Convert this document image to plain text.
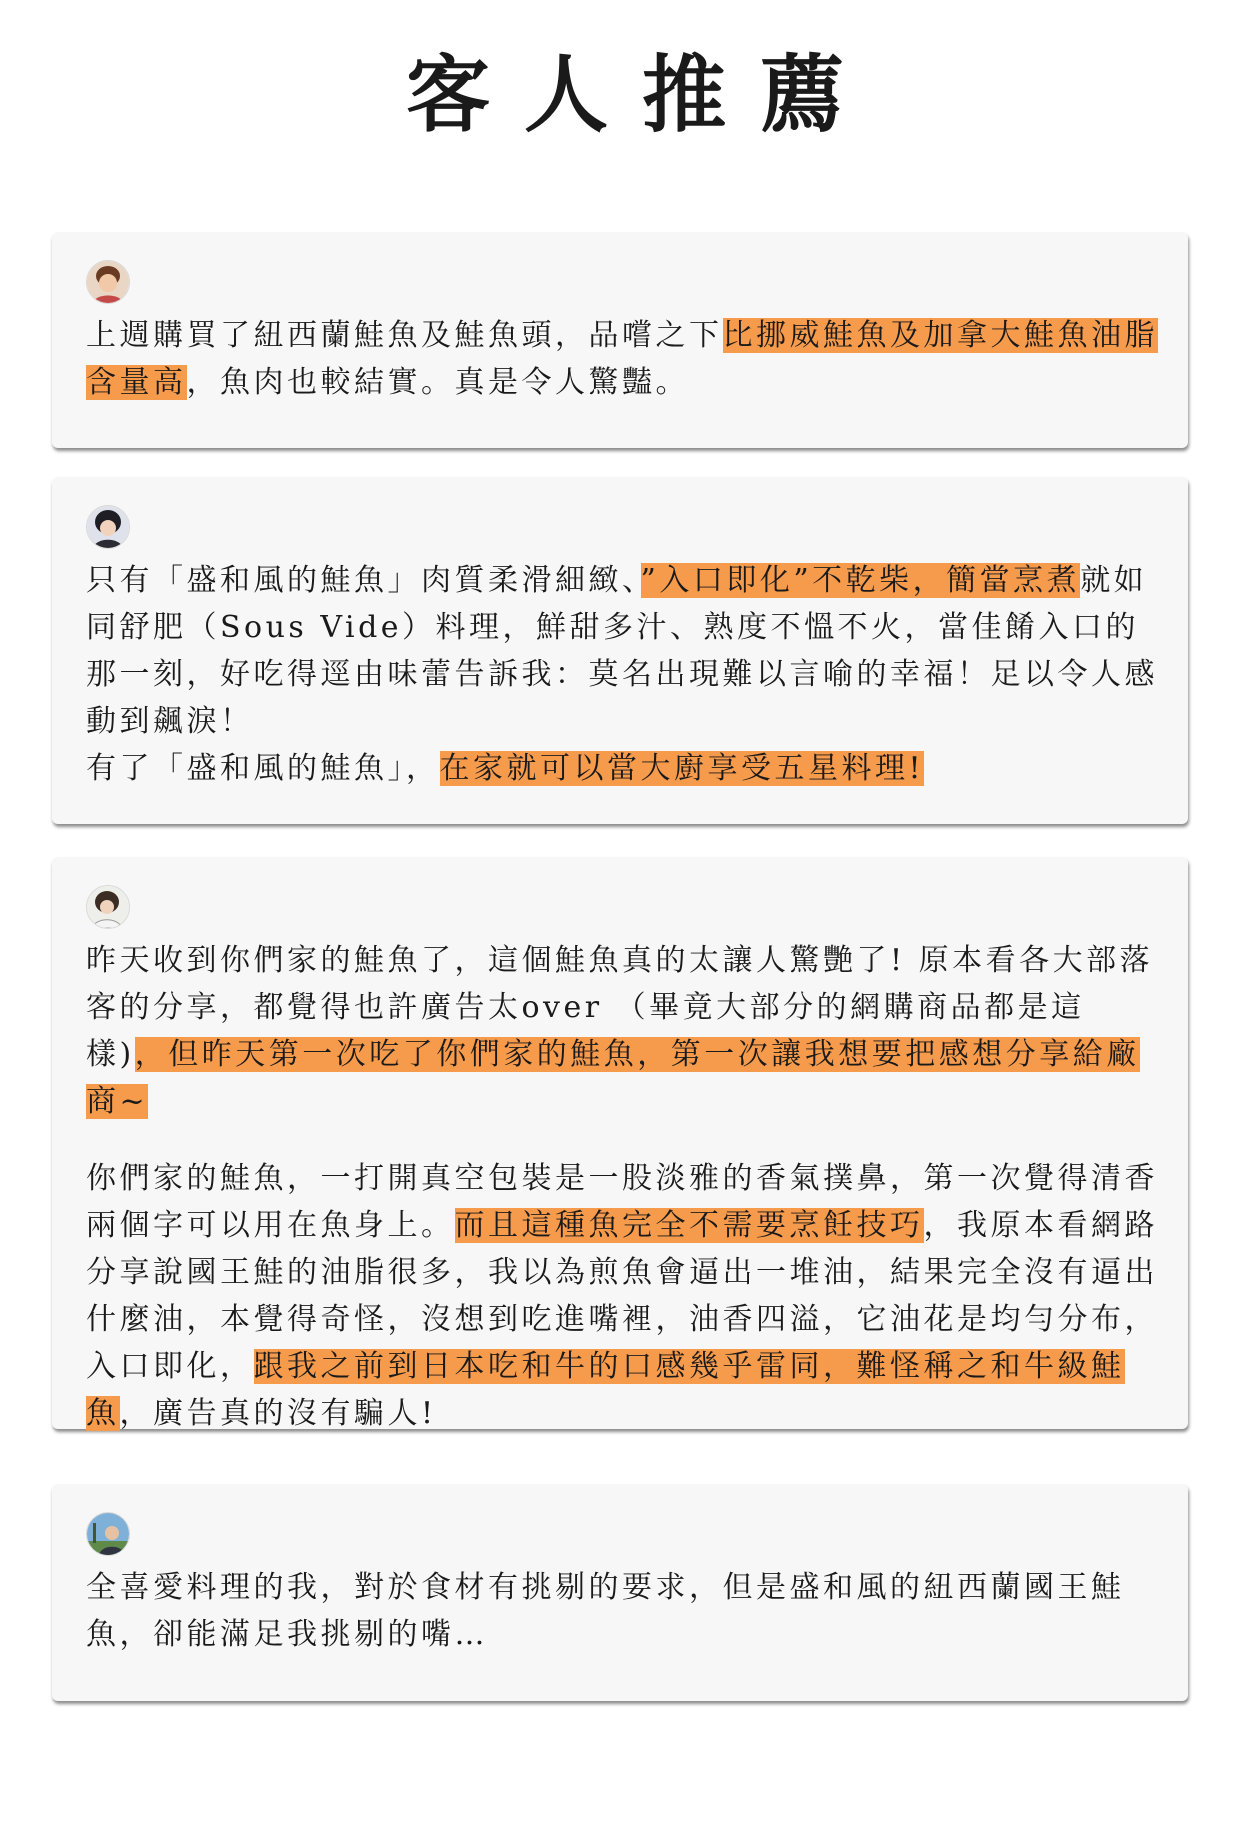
客人推薦

上週購買了紐西蘭鮭魚及鮭魚頭，品嚐之下比挪威鮭魚及加拿大鮭魚油脂含量高，魚肉也較結實。真是令人驚豔。

只有「盛和風的鮭魚」肉質柔滑細緻、”入口即化”不乾柴，簡當烹煮就如同舒肥（Sous Vide）料理，鮮甜多汁、熟度不慍不火，當佳餚入口的那一刻，好吃得逕由味蕾告訴我：莫名出現難以言喻的幸福！足以令人感動到飆淚！

有了「盛和風的鮭魚」，在家就可以當大廚享受五星料理!

昨天收到你們家的鮭魚了，這個鮭魚真的太讓人驚艷了! 原本看各大部落客的分享，都覺得也許廣告太over （畢竟大部分的網購商品都是這樣)，但昨天第一次吃了你們家的鮭魚，第一次讓我想要把感想分享給廠商~

你們家的鮭魚，一打開真空包裝是一股淡雅的香氣撲鼻，第一次覺得清香兩個字可以用在魚身上。而且這種魚完全不需要烹飪技巧，我原本看網路分享說國王鮭的油脂很多，我以為煎魚會逼出一堆油，結果完全沒有逼出什麼油，本覺得奇怪，沒想到吃進嘴裡，油香四溢，它油花是均勻分布，入口即化，跟我之前到日本吃和牛的口感幾乎雷同，難怪稱之和牛級鮭魚，廣告真的沒有騙人!

全喜愛料理的我，對於食材有挑剔的要求，但是盛和風的紐西蘭國王鮭魚，卻能滿足我挑剔的嘴…
